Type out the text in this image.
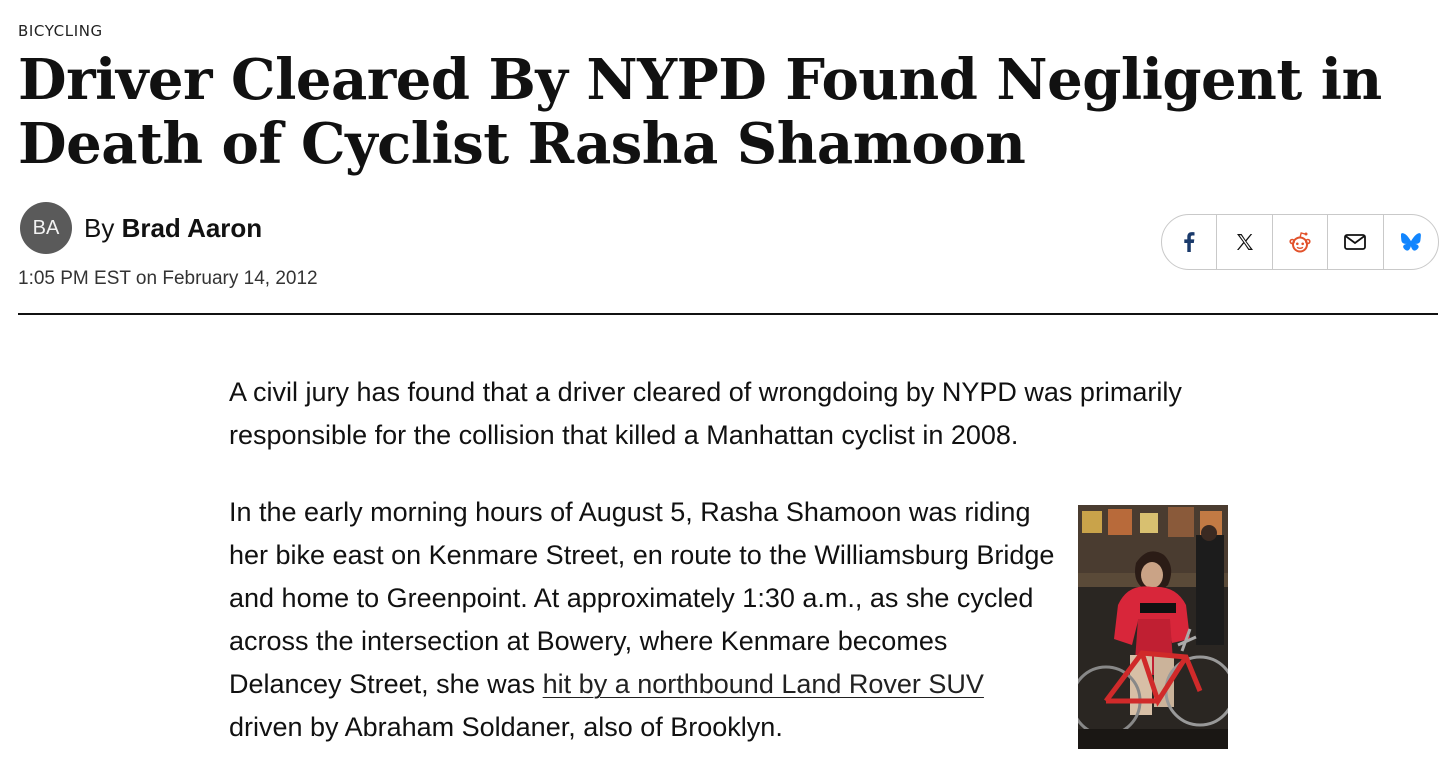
BICYCLING
Driver Cleared By NYPD Found Negligent in Death of Cyclist Rasha Shamoon
BA By Brad Aaron
1:05 PM EST on February 14, 2012

A civil jury has found that a driver cleared of wrongdoing by NYPD was primarily responsible for the collision that killed a Manhattan cyclist in 2008.

In the early morning hours of August 5, Rasha Shamoon was riding her bike east on Kenmare Street, en route to the Williamsburg Bridge and home to Greenpoint. At approximately 1:30 a.m., as she cycled across the intersection at Bowery, where Kenmare becomes Delancey Street, she was hit by a northbound Land Rover SUV driven by Abraham Soldaner, also of Brooklyn.
